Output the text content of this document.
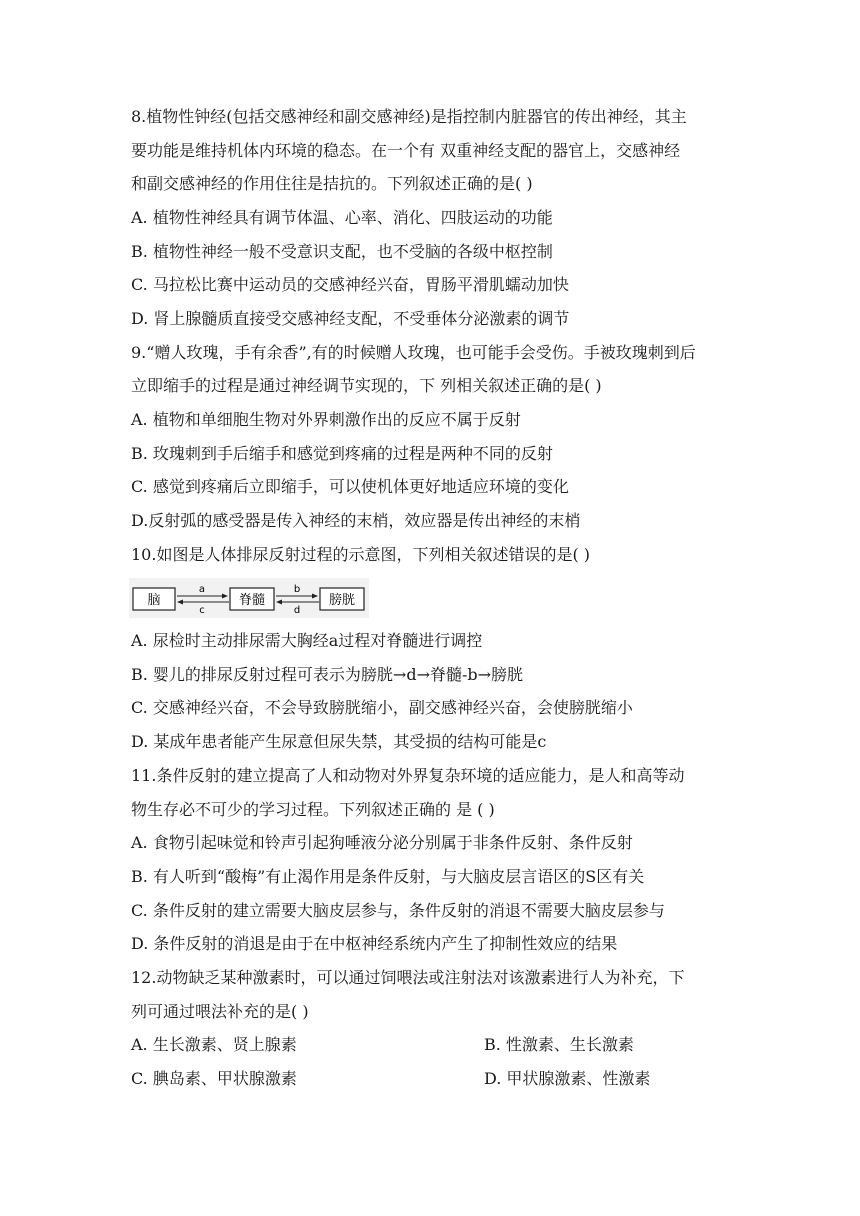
8.植物性钟经(包括交感神经和副交感神经)是指控制内脏器官的传出神经，其主
要功能是维持机体内环境的稳态。在一个有 双重神经支配的器官上，交感神经
和副交感神经的作用住往是拮抗的。下列叙述正确的是( )
A. 植物性神经具有调节体温、心率、消化、四肢运动的功能
B. 植物性神经一般不受意识支配，也不受脑的各级中枢控制
C. 马拉松比赛中运动员的交感神经兴奋，胃肠平滑肌蠕动加快
D. 肾上腺髓质直接受交感神经支配，不受垂体分泌激素的调节
9.“赠人玫瑰，手有余香”,有的时候赠人玫瑰，也可能手会受伤。手被玫瑰刺到后
立即缩手的过程是通过神经调节实现的，下 列相关叙述正确的是( )
A. 植物和单细胞生物对外界刺激作出的反应不属于反射
B. 玫瑰刺到手后缩手和感觉到疼痛的过程是两种不同的反射
C. 感觉到疼痛后立即缩手，可以使机体更好地适应环境的变化
D.反射弧的感受器是传入神经的末梢，效应器是传出神经的末梢
10.如图是人体排尿反射过程的示意图，下列相关叙述错误的是( )
脑	脊髓	膀胱
a
c
b
d
A. 尿检时主动排尿需大胸经a过程对脊髓进行调控
B. 婴儿的排尿反射过程可表示为膀胱→d→脊髓-b→膀胱
C. 交感神经兴奋，不会导致膀胱缩小，副交感神经兴奋，会使膀胱缩小
D. 某成年患者能产生尿意但尿失禁，其受损的结构可能是c
11.条件反射的建立提高了人和动物对外界复杂环境的适应能力，是人和高等动
物生存必不可少的学习过程。下列叙述正确的 是 ( )
A. 食物引起味觉和铃声引起狗唾液分泌分别属于非条件反射、条件反射
B. 有人听到“酸梅”有止渴作用是条件反射，与大脑皮层言语区的S区有关
C. 条件反射的建立需要大脑皮层参与，条件反射的消退不需要大脑皮层参与
D. 条件反射的消退是由于在中枢神经系统内产生了抑制性效应的结果
12.动物缺乏某种激素时，可以通过饲喂法或注射法对该激素进行人为补充，下
列可通过喂法补充的是( )
A. 生长激素、贤上腺素	B. 性激素、生长激素
C. 腆岛素、甲状腺激素	D. 甲状腺激素、性激素
